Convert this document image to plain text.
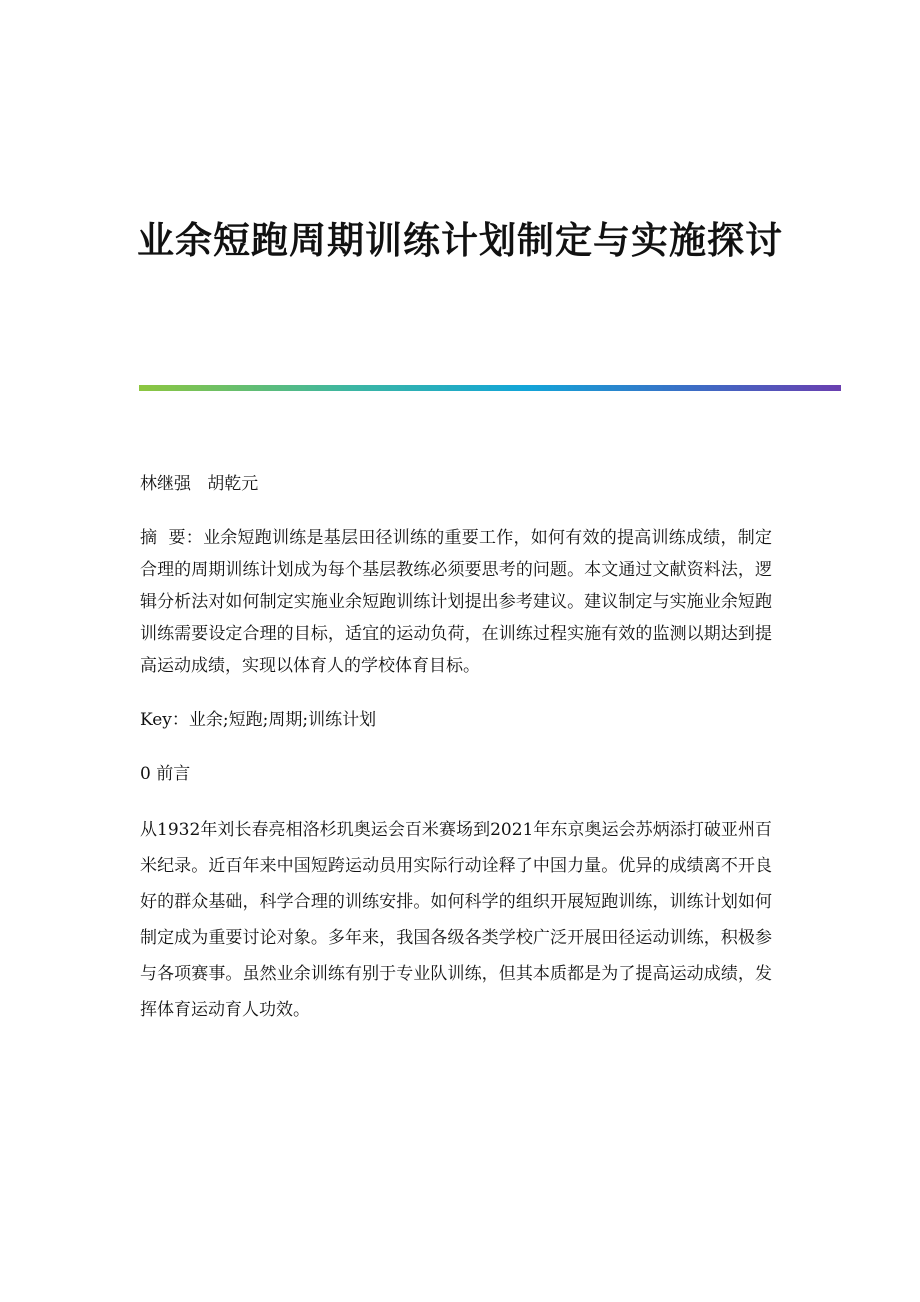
业余短跑周期训练计划制定与实施探讨

林继强   胡乾元

摘  要：业余短跑训练是基层田径训练的重要工作，如何有效的提高训练成绩，制定合理的周期训练计划成为每个基层教练必须要思考的问题。本文通过文献资料法，逻辑分析法对如何制定实施业余短跑训练计划提出参考建议。建议制定与实施业余短跑训练需要设定合理的目标，适宜的运动负荷，在训练过程实施有效的监测以期达到提高运动成绩，实现以体育人的学校体育目标。

Key：业余;短跑;周期;训练计划

0 前言

从1932年刘长春亮相洛杉玑奥运会百米赛场到2021年东京奥运会苏炳添打破亚州百米纪录。近百年来中国短跨运动员用实际行动诠释了中国力量。优异的成绩离不开良好的群众基础，科学合理的训练安排。如何科学的组织开展短跑训练，训练计划如何制定成为重要讨论对象。多年来，我国各级各类学校广泛开展田径运动训练，积极参与各项赛事。虽然业余训练有别于专业队训练，但其本质都是为了提高运动成绩，发挥体育运动育人功效。
